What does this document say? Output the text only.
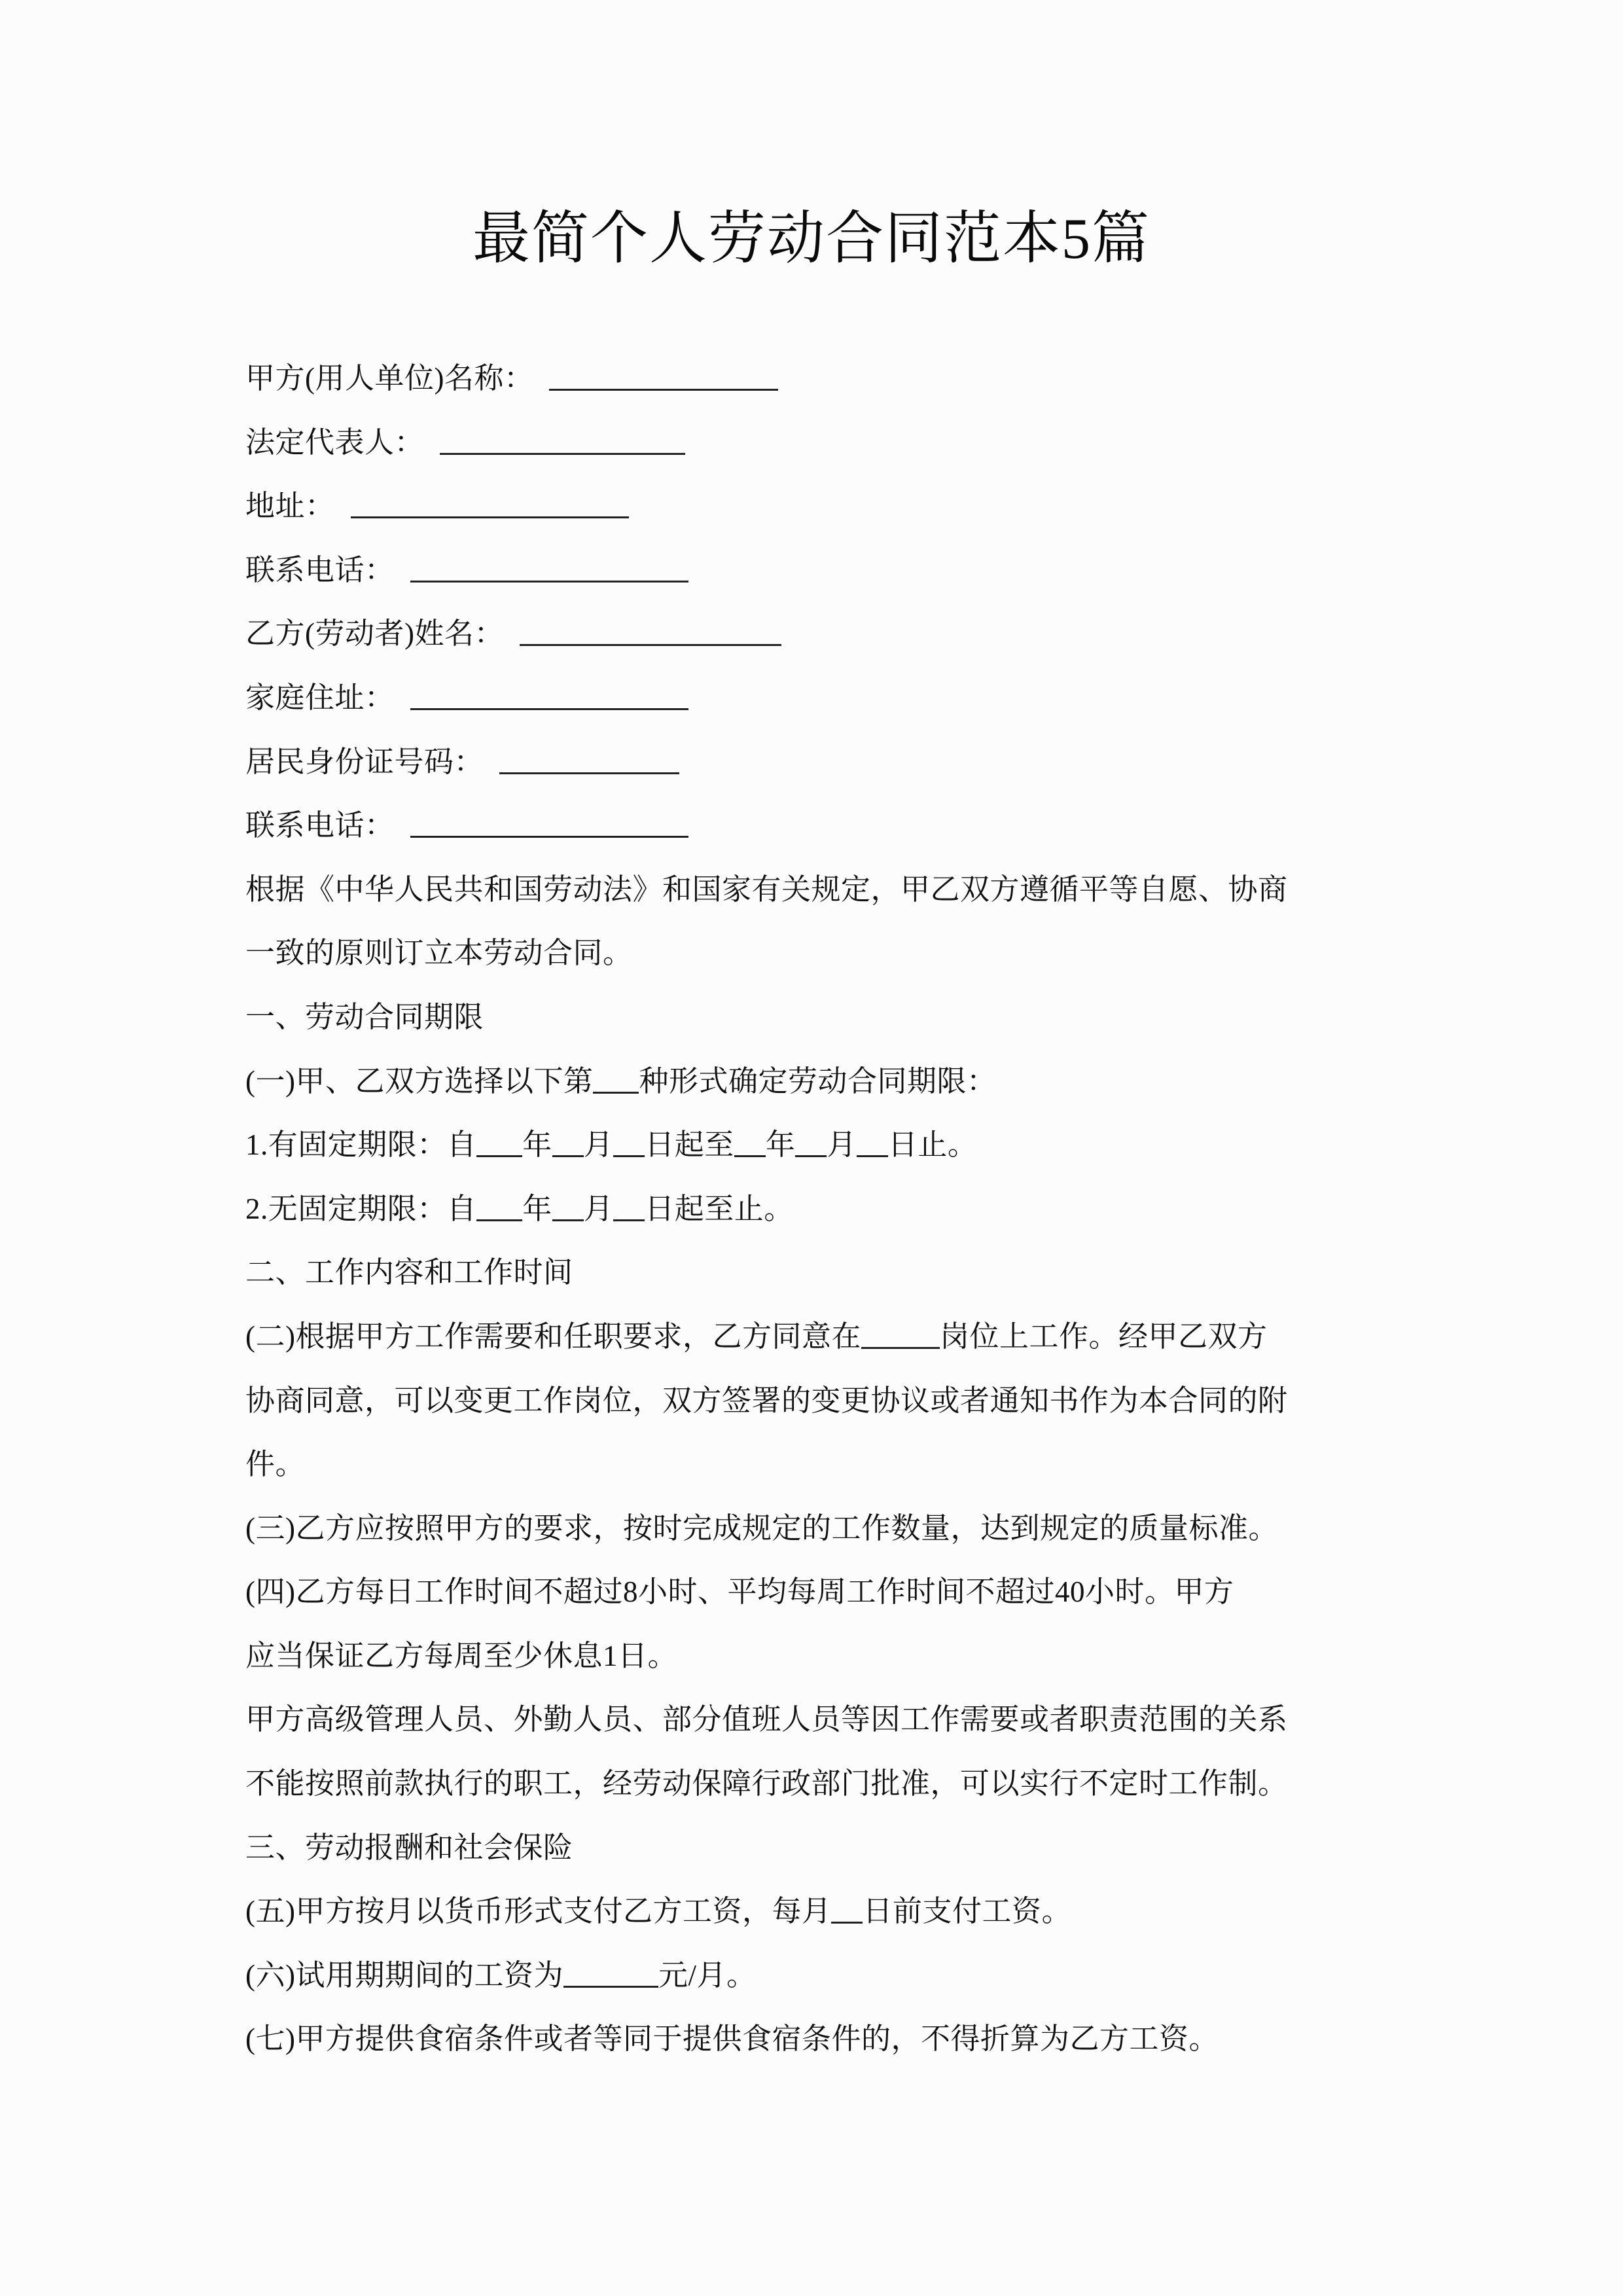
最简个人劳动合同范本5篇
甲方(用人单位)名称：
法定代表人：
地址：
联系电话：
乙方(劳动者)姓名：
家庭住址：
居民身份证号码：
联系电话：
根据《中华人民共和国劳动法》和国家有关规定，甲乙双方遵循平等自愿、协商
一致的原则订立本劳动合同。
一、劳动合同期限
(一)甲、乙双方选择以下第 种形式确定劳动合同期限：
1.有固定期限：自 年 月 日起至 年 月 日止。
2.无固定期限：自 年 月 日起至止。
二、工作内容和工作时间
(二)根据甲方工作需要和任职要求，乙方同意在	岗位上工作。经甲乙双方
协商同意，可以变更工作岗位，双方签署的变更协议或者通知书作为本合同的附
件。
(三)乙方应按照甲方的要求，按时完成规定的工作数量，达到规定的质量标准。
(四)乙方每日工作时间不超过8小时、平均每周工作时间不超过40小时。甲方
应当保证乙方每周至少休息1日。
甲方高级管理人员、外勤人员、部分值班人员等因工作需要或者职责范围的关系
不能按照前款执行的职工，经劳动保障行政部门批准，可以实行不定时工作制。
三、劳动报酬和社会保险
(五)甲方按月以货币形式支付乙方工资，每月 日前支付工资。
(六)试用期期间的工资为	元/月。
(七)甲方提供食宿条件或者等同于提供食宿条件的，不得折算为乙方工资。
